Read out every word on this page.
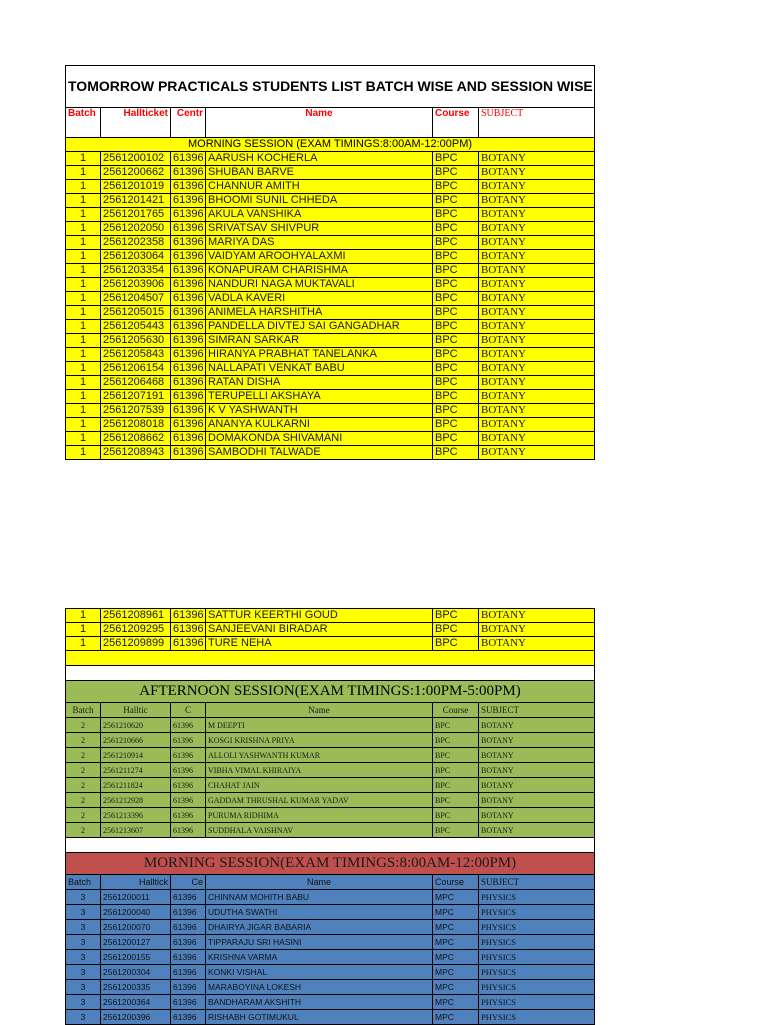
TOMORROW PRACTICALS STUDENTS LIST BATCH WISE AND SESSION WISE					
Batch	Hallticket	Centr	Name	Course	SUBJECT
MORNING SESSION (EXAM TIMINGS:8:00AM-12:00PM)					
1	2561200102	61396	AARUSH KOCHERLA	BPC	BOTANY
1	2561200662	61396	SHUBAN BARVE	BPC	BOTANY
1	2561201019	61396	CHANNUR AMITH	BPC	BOTANY
1	2561201421	61396	BHOOMI SUNIL CHHEDA	BPC	BOTANY
1	2561201765	61396	AKULA VANSHIKA	BPC	BOTANY
1	2561202050	61396	SRIVATSAV SHIVPUR	BPC	BOTANY
1	2561202358	61396	MARIYA DAS	BPC	BOTANY
1	2561203064	61396	VAIDYAM AROOHYALAXMI	BPC	BOTANY
1	2561203354	61396	KONAPURAM CHARISHMA	BPC	BOTANY
1	2561203906	61396	NANDURI NAGA MUKTAVALI	BPC	BOTANY
1	2561204507	61396	VADLA KAVERI	BPC	BOTANY
1	2561205015	61396	ANIMELA HARSHITHA	BPC	BOTANY
1	2561205443	61396	PANDELLA DIVTEJ SAI GANGADHAR	BPC	BOTANY
1	2561205630	61396	SIMRAN SARKAR	BPC	BOTANY
1	2561205843	61396	HIRANYA PRABHAT TANELANKA	BPC	BOTANY
1	2561206154	61396	NALLAPATI VENKAT BABU	BPC	BOTANY
1	2561206468	61396	RATAN DISHA	BPC	BOTANY
1	2561207191	61396	TERUPELLI AKSHAYA	BPC	BOTANY
1	2561207539	61396	K V YASHWANTH	BPC	BOTANY
1	2561208018	61396	ANANYA KULKARNI	BPC	BOTANY
1	2561208662	61396	DOMAKONDA SHIVAMANI	BPC	BOTANY
1	2561208943	61396	SAMBODHI TALWADE	BPC	BOTANY
1	2561208961	61396	SATTUR KEERTHI GOUD	BPC	BOTANY
1	2561209295	61396	SANJEEVANI BIRADAR	BPC	BOTANY
1	2561209899	61396	TURE NEHA	BPC	BOTANY

AFTERNOON SESSION(EXAM TIMINGS:1:00PM-5:00PM)					
Batch	Halltic	C	Name	Course	SUBJECT
2	2561210620	61396	M DEEPTI	BPC	BOTANY
2	2561210666	61396	KOSGI KRISHNA PRIYA	BPC	BOTANY
2	2561210914	61396	ALLOLI YASHWANTH KUMAR	BPC	BOTANY
2	2561211274	61396	VIBHA VIMAL KHIRAIYA	BPC	BOTANY
2	2561211824	61396	CHAHAT JAIN	BPC	BOTANY
2	2561212928	61396	GADDAM THRUSHAL KUMAR YADAV	BPC	BOTANY
2	2561213396	61396	PURUMA RIDHIMA	BPC	BOTANY
2	2561213607	61396	SUDDHALA VAISHNAV	BPC	BOTANY

MORNING SESSION(EXAM TIMINGS:8:00AM-12:00PM)					
Batch	Halltick	Ce	Name	Course	SUBJECT
3	2561200011	61396	CHINNAM MOHITH BABU	MPC	PHYSICS
3	2561200040	61396	UDUTHA SWATHI	MPC	PHYSICS
3	2561200070	61396	DHAIRYA JIGAR BABARIA	MPC	PHYSICS
3	2561200127	61396	TIPPARAJU SRI HASINI	MPC	PHYSICS
3	2561200155	61396	KRISHNA VARMA	MPC	PHYSICS
3	2561200304	61396	KONKI VISHAL	MPC	PHYSICS
3	2561200335	61396	MARABOYINA LOKESH	MPC	PHYSICS
3	2561200364	61396	BANDHARAM AKSHITH	MPC	PHYSICS
3	2561200396	61396	RISHABH GOTIMUKUL	MPC	PHYSICS
